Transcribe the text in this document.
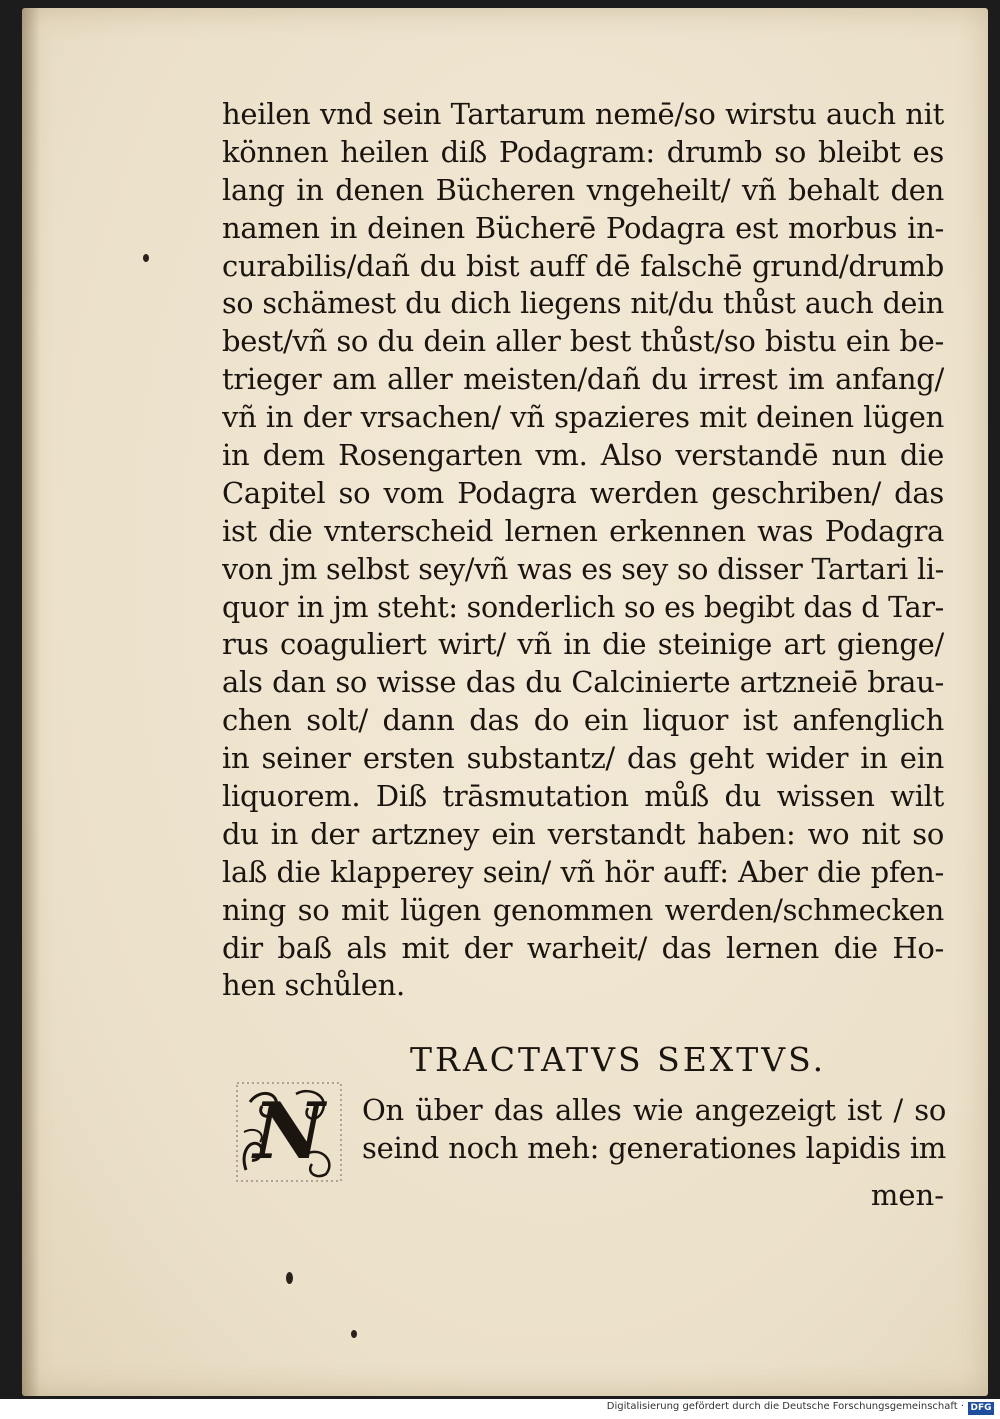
heilen vnd sein Tartarum nemē/so wirstu auch nit
können heilen diß Podagram: drumb so bleibt es
lang in denen Bücheren vngeheilt/ vñ behalt den
namen in deinen Bücherē Podagra est morbus in-
curabilis/dañ du bist auff dē falschē grund/drumb
so schämest du dich liegens nit/du thůst auch dein
best/vñ so du dein aller best thůst/so bistu ein be-
trieger am aller meisten/dañ du irrest im anfang/
vñ in der vrsachen/ vñ spazieres mit deinen lügen
in dem Rosengarten vm. Also verstandē nun die
Capitel so vom Podagra werden geschriben/ das
ist die vnterscheid lernen erkennen was Podagra
von jm selbst sey/vñ was es sey so disser Tartari li-
quor in jm steht: sonderlich so es begibt das d Tar-
rus coaguliert wirt/ vñ in die steinige art gienge/
als dan so wisse das du Calcinierte artzneiē brau-
chen solt/ dann das do ein liquor ist anfenglich
in seiner ersten substantz/ das geht wider in ein
liquorem. Diß trāsmutation můß du wissen wilt
du in der artzney ein verstandt haben: wo nit so
laß die klapperey sein/ vñ hör auff: Aber die pfen-
ning so mit lügen genommen werden/schmecken
dir baß als mit der warheit/ das lernen die Ho-
hen schůlen.
TRACTATVS SEXTVS.
N On über das alles wie angezeigt ist / so
seind noch meh: generationes lapidis im
men-
Digitalisierung gefördert durch die Deutsche Forschungsgemeinschaft · DFG
